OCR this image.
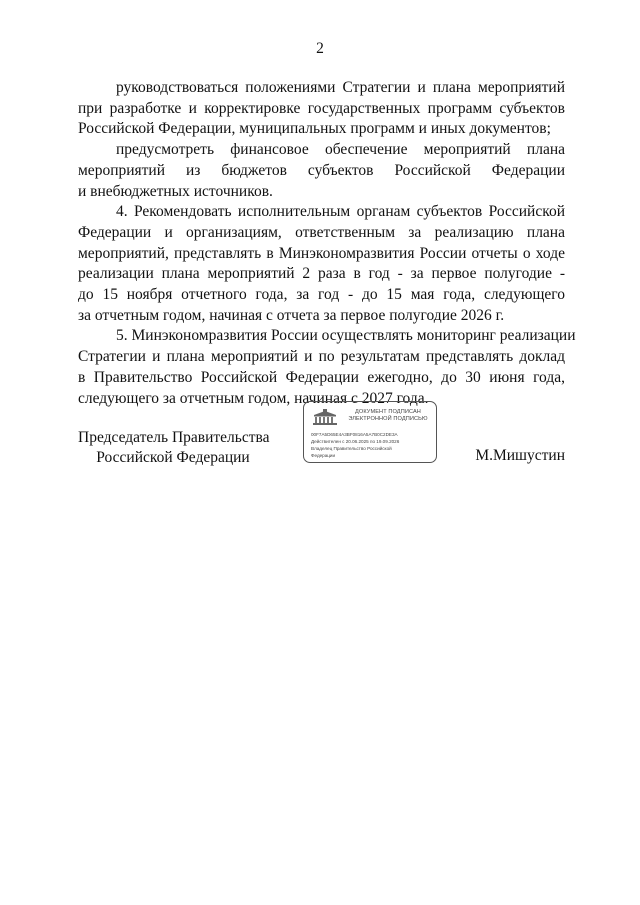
2
руководствоваться положениями Стратегии и плана мероприятий
при разработке и корректировке государственных программ субъектов
Российской Федерации, муниципальных программ и иных документов;
предусмотреть финансовое обеспечение мероприятий плана
мероприятий из бюджетов субъектов Российской Федерации
и внебюджетных источников.
4. Рекомендовать исполнительным органам субъектов Российской
Федерации и организациям, ответственным за реализацию плана
мероприятий, представлять в Минэкономразвития России отчеты о ходе
реализации плана мероприятий 2 раза в год - за первое полугодие -
до 15 ноября отчетного года, за год - до 15 мая года, следующего
за отчетным годом, начиная с отчета за первое полугодие 2026 г.
5. Минэкономразвития России осуществлять мониторинг реализации
Стратегии и плана мероприятий и по результатам представлять доклад
в Правительство Российской Федерации ежегодно, до 30 июня года,
следующего за отчетным годом, начиная с 2027 года.
Председатель Правительства
Российской Федерации
ДОКУМЕНТ ПОДПИСАН
ЭЛЕКТРОННОЙ ПОДПИСЬЮ
00F7A5D65E4A3BF0816A5A7B0C2DE3A
Действителен с 20.06.2025 по 19.09.2026
Владелец Правительство Российской
Федерации	М.Мишустин
